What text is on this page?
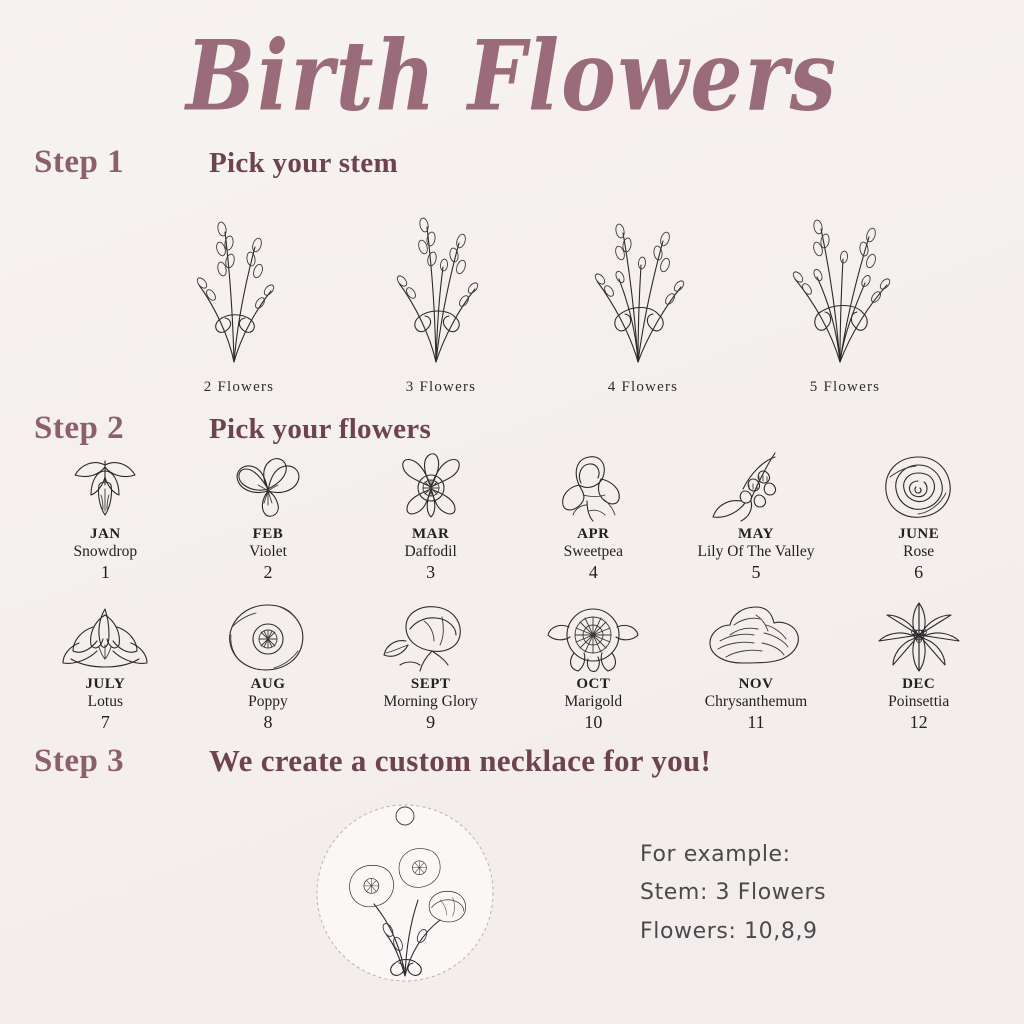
Birth Flowers
Step 1	Pick your stem
2 Flowers	3 Flowers	4 Flowers	5 Flowers
Step 2	Pick your flowers
JAN
Snowdrop
1
FEB
Violet
2
MAR
Daffodil
3
APR
Sweetpea
4
MAY
Lily Of The Valley
5
JUNE
Rose
6
JULY
Lotus
7
AUG
Poppy
8
SEPT
Morning Glory
9
OCT
Marigold
10
NOV
Chrysanthemum
11
DEC
Poinsettia
12
Step 3	We create a custom necklace for you!
For example:
Stem: 3 Flowers
Flowers: 10,8,9
